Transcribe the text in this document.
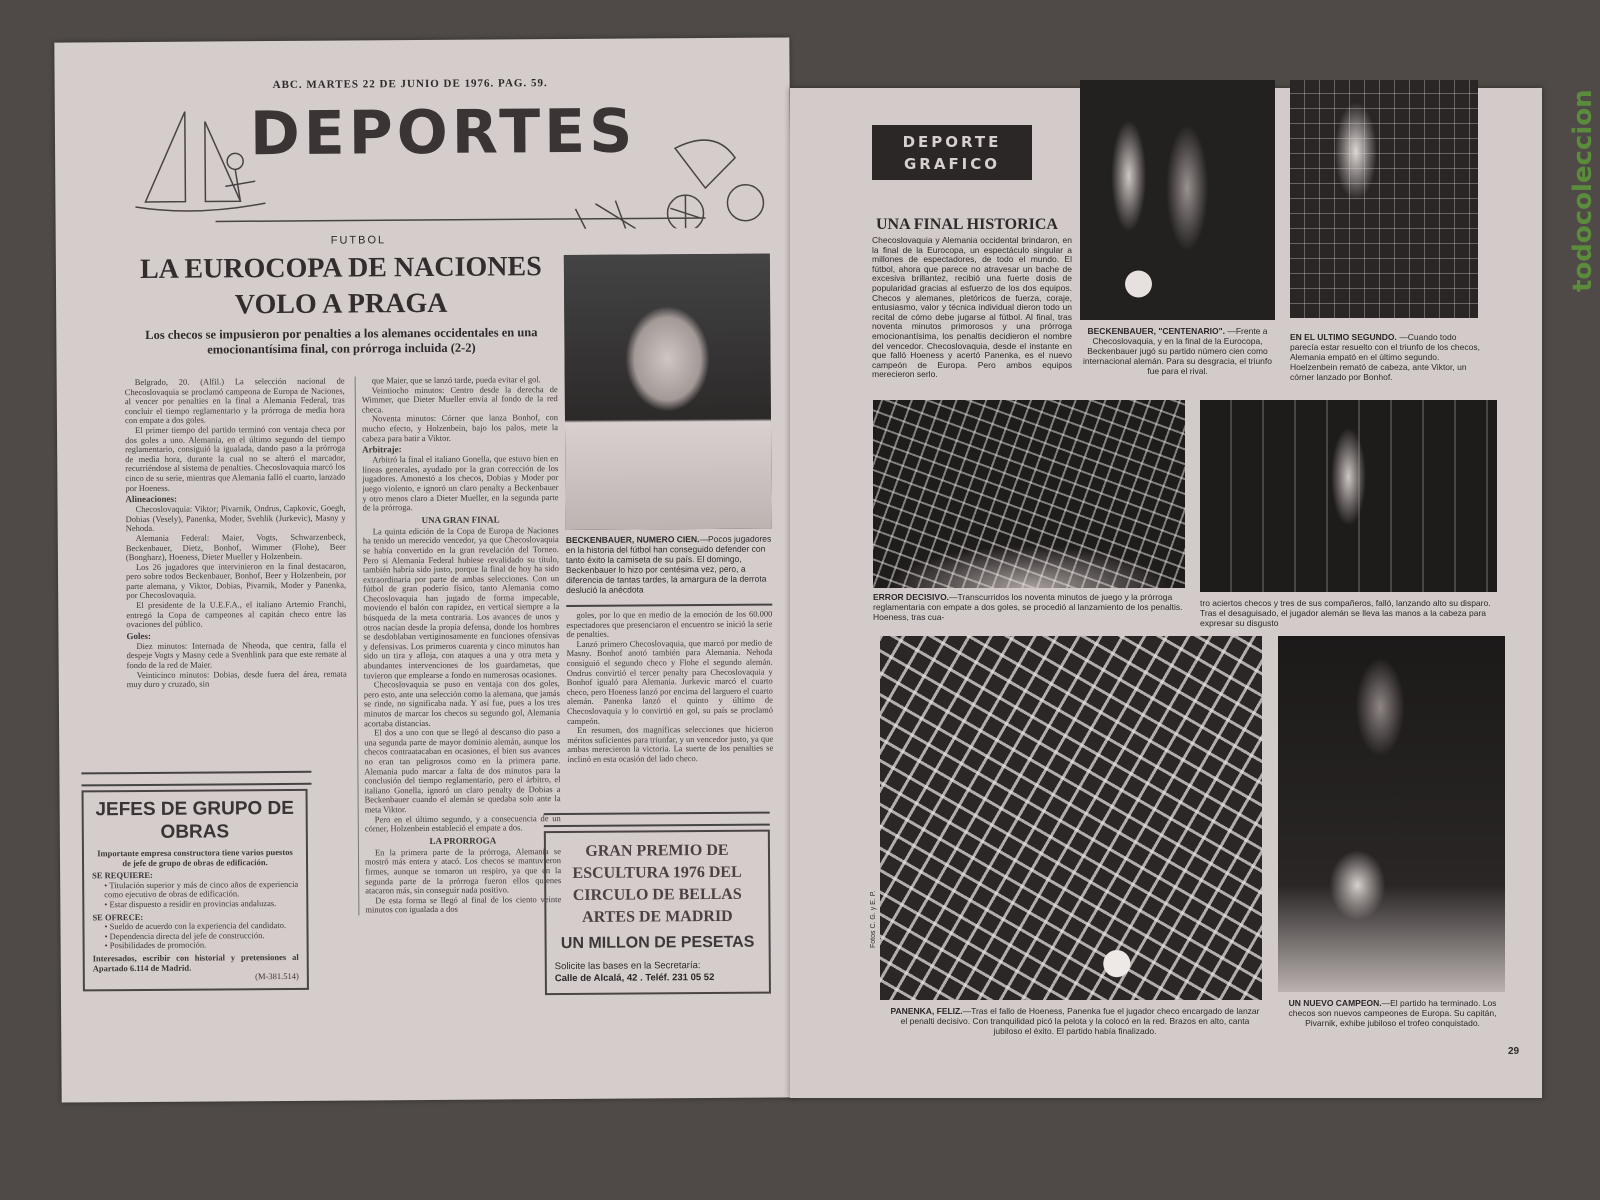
ABC. MARTES 22 DE JUNIO DE 1976. PAG. 59.
DEPORTES
FUTBOL
LA EUROCOPA DE NACIONES VOLO A PRAGA
Los checos se impusieron por penalties a los alemanes occidentales en una emocionantísima final, con prórroga incluida (2-2)

Belgrado, 20. (Alfil.) La selección nacional de Checoslovaquia se proclamó campeona de Europa de Naciones, al vencer por penalties en la final a Alemania Federal, tras concluir el tiempo reglamentario y la prórroga de media hora con empate a dos goles.

El primer tiempo del partido terminó con ventaja checa por dos goles a uno. Alemania, en el último segundo del tiempo reglamentario, consiguió la igualada, dando paso a la prórroga de media hora, durante la cual no se alteró el marcador, recurriéndose al sistema de penalties. Checoslovaquia marcó los cinco de su serie, mientras que Alemania falló el cuarto, lanzado por Hoeness.

Alineaciones:

Checoslovaquia: Viktor; Pivarnik, Ondrus, Capkovic, Goegh, Dobias (Vesely), Panenka, Moder, Svehlik (Jurkevic), Masny y Nehoda.

Alemania Federal: Maier, Vogts, Schwarzenbeck, Beckenbauer, Dietz, Bonhof, Wimmer (Flohe), Beer (Bongharz), Hoeness, Dieter Mueller y Holzenbein.

Los 26 jugadores que intervinieron en la final destacaron, pero sobre todos Beckenbauer, Bonhof, Beer y Holzenbein, por parte alemana, y Viktor, Dobias, Pivarnik, Moder y Panenka, por Checoslovaquia.

El presidente de la U.E.F.A., el italiano Artemio Franchi, entregó la Copa de campeones al capitán checo entre las ovaciones del público.

Goles:

Diez minutos: Internada de Nheoda, que centra, falla el despeje Vogts y Masny cede a Svenhlink para que este remate al fondo de la red de Maier.

Veinticinco minutos: Dobias, desde fuera del área, remata muy duro y cruzado, sin

que Maier, que se lanzó tarde, pueda evitar el gol.

Veintiocho minutos: Centro desde la derecha de Wimmer, que Dieter Mueller envía al fondo de la red checa.

Noventa minutos: Córner que lanza Bonhof, con mucho efecto, y Holzenbein, bajo los palos, mete la cabeza para batir a Viktor.

Arbitraje:

Arbitró la final el italiano Gonella, que estuvo bien en líneas generales, ayudado por la gran corrección de los jugadores. Amonestó a los checos, Dobias y Moder por juego violento, e ignoró un claro penalty a Beckenbauer y otro menos claro a Dieter Mueller, en la segunda parte de la prórroga.

UNA GRAN FINAL

La quinta edición de la Copa de Europa de Naciones ha tenido un merecido vencedor, ya que Checoslovaquia se había convertido en la gran revelación del Torneo. Pero si Alemania Federal hubiese revalidado su título, también habría sido justo, porque la final de hoy ha sido extraordinaria por parte de ambas selecciones. Con un fútbol de gran poderío físico, tanto Alemania como Checoslovaquia han jugado de forma impecable, moviendo el balón con rapidez, en vertical siempre a la búsqueda de la meta contraria. Los avances de unos y otros nacían desde la propia defensa, donde los hombres se desdoblaban vertiginosamente en funciones ofensivas y defensivas. Los primeros cuarenta y cinco minutos han sido un tira y afloja, con ataques a una y otra meta y abundantes intervenciones de los guardametas, que tuvieron que emplearse a fondo en numerosas ocasiones.

Checoslovaquia se puso en ventaja con dos goles, pero esto, ante una selección como la alemana, que jamás se rinde, no significaba nada. Y así fue, pues a los tres minutos de marcar los checos su segundo gol, Alemania acortaba distancias.

El dos a uno con que se llegó al descanso dio paso a una segunda parte de mayor dominio alemán, aunque los checos contraatacaban en ocasiones, el bien sus avances no eran tan peligrosos como en la primera parte. Alemania pudo marcar a falta de dos minutos para la conclusión del tiempo reglamentario, pero el árbitro, el italiano Gonella, ignoró un claro penalty de Dobias a Beckenbauer cuando el alemán se quedaba solo ante la meta Viktor.

Pero en el último segundo, y a consecuencia de un córner, Holzenbein estableció el empate a dos.

LA PRORROGA

En la primera parte de la prórroga, Alemania se mostró más entera y atacó. Los checos se mantuvieron firmes, aunque se tomaron un respiro, ya que en la segunda parte de la prórroga fueron ellos quienes atacaron más, sin conseguir nada positivo.

De esta forma se llegó al final de los ciento veinte minutos con igualada a dos

BECKENBAUER, NUMERO CIEN.—Pocos jugadores en la historia del fútbol han conseguido defender con tanto éxito la camiseta de su país. El domingo, Beckenbauer lo hizo por centésima vez, pero, a diferencia de tantas tardes, la amargura de la derrota deslució la anécdota

goles, por lo que en medio de la emoción de los 60.000 espectadores que presenciaron el encuentro se inició la serie de penalties.

Lanzó primero Checoslovaquia, que marcó por medio de Masny. Bonhof anotó también para Alemania. Nehoda consiguió el segundo checo y Flohe el segundo alemán. Ondrus convirtió el tercer penalty para Checoslovaquia y Bonhof igualó para Alemania. Jurkevic marcó el cuarto checo, pero Hoeness lanzó por encima del larguero el cuarto alemán. Panenka lanzó el quinto y último de Checoslovaquia y lo convirtió en gol, su país se proclamó campeón.

En resumen, dos magníficas selecciones que hicieron méritos suficientes para triunfar, y un vencedor justo, ya que ambas merecieron la victoria. La suerte de los penalties se inclinó en esta ocasión del lado checo.

JEFES DE GRUPO DE OBRAS
Importante empresa constructora tiene varios puestos de jefe de grupo de obras de edificación.
SE REQUIERE:
• Titulación superior y más de cinco años de experiencia como ejecutivo de obras de edificación.
• Estar dispuesto a residir en provincias andaluzas.
SE OFRECE:
• Sueldo de acuerdo con la experiencia del candidato.
• Dependencia directa del jefe de construcción.
• Posibilidades de promoción.
Interesados, escribir con historial y pretensiones al Apartado 6.114 de Madrid.
(M-381.514)
GRAN PREMIO DE ESCULTURA 1976 DEL CIRCULO DE BELLAS ARTES DE MADRID
UN MILLON DE PESETAS
Solicite las bases en la Secretaría:
Calle de Alcalá, 42 . Teléf. 231 05 52
DEPORTE GRAFICO
UNA FINAL HISTORICA
Checoslovaquia y Alemania occidental brindaron, en la final de la Eurocopa, un espectáculo singular a millones de espectadores, de todo el mundo. El fútbol, ahora que parece no atravesar un bache de excesiva brillantez, recibió una fuerte dosis de popularidad gracias al esfuerzo de los dos equipos. Checos y alemanes, pletóricos de fuerza, coraje, entusiasmo, valor y técnica individual dieron todo un recital de cómo debe jugarse al fútbol. Al final, tras noventa minutos primorosos y una prórroga emocionantísima, los penaltis decidieron el nombre del vencedor. Checoslovaquia, desde el instante en que falló Hoeness y acertó Panenka, es el nuevo campeón de Europa. Pero ambos equipos merecieron serlo.
BECKENBAUER, "CENTENARIO". —Frente a Checoslovaquia, y en la final de la Eurocopa, Beckenbauer jugó su partido número cien como internacional alemán. Para su desgracia, el triunfo fue para el rival.
EN EL ULTIMO SEGUNDO. —Cuando todo parecía estar resuelto con el triunfo de los checos, Alemania empató en el último segundo. Hoelzenbein remató de cabeza, ante Viktor, un córner lanzado por Bonhof.
ERROR DECISIVO.—Transcurridos los noventa minutos de juego y la prórroga reglamentaria con empate a dos goles, se procedió al lanzamiento de los penaltis. Hoeness, tras cua-
tro aciertos checos y tres de sus compañeros, falló, lanzando alto su disparo. Tras el desaguisado, el jugador alemán se lleva las manos a la cabeza para expresar su disgusto
Fotos C. G. y E. P.
PANENKA, FELIZ.—Tras el fallo de Hoeness, Panenka fue el jugador checo encargado de lanzar el penalti decisivo. Con tranquilidad picó la pelota y la colocó en la red. Brazos en alto, canta jubiloso el éxito. El partido había finalizado.
UN NUEVO CAMPEON.—El partido ha terminado. Los checos son nuevos campeones de Europa. Su capitán, Pivarnik, exhibe jubiloso el trofeo conquistado.
29
todocoleccion
